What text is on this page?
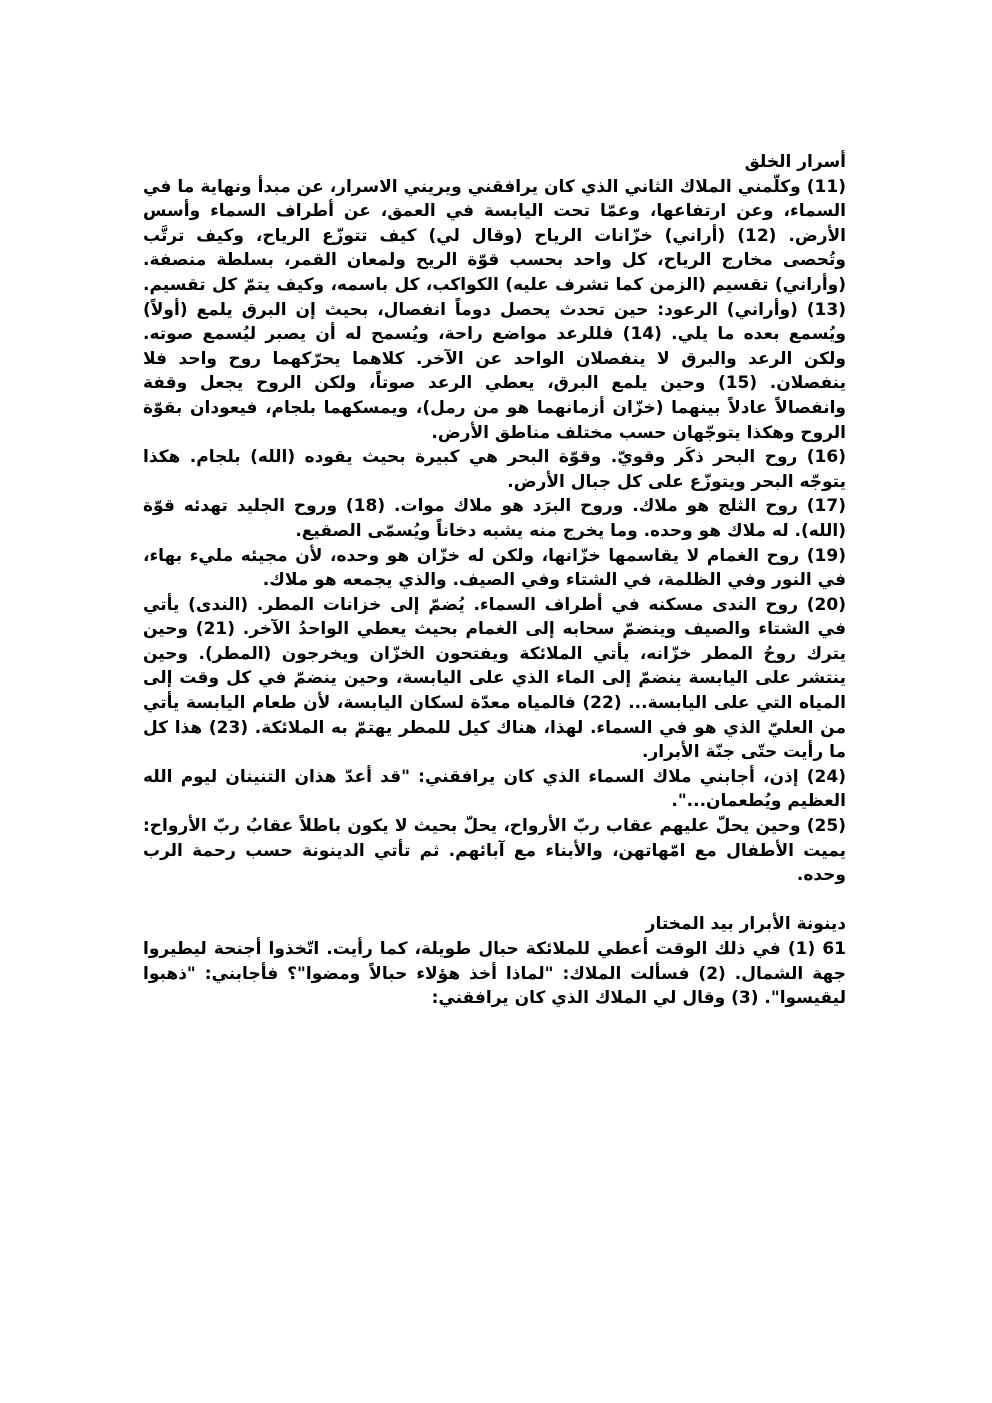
أسرار الخلق

(11) وكلّمني الملاك الثاني الذي كان يرافقني ويريني الاسرار، عن مبدأ ونهاية ما في السماء، وعن ارتفاعها، وعمّا تحت اليابسة في العمق، عن أطراف السماء وأسس الأرض. (12) (أراني) خزّانات الرياح (وقال لي) كيف تتوزّع الرياح، وكيف ترتَّب وتُحصى مخارج الرياح، كل واحد بحسب قوّة الريح ولمعان القمر، بسلطة منصفة. (وأراني) تقسيم (الزمن كما تشرف عليه) الكواكب، كل باسمه، وكيف يتمّ كل تقسيم. (13) (وأراني) الرعود: حين تحدث يحصل دوماً انفصال، بحيث إن البرق يلمع (أولاً) ويُسمع بعده ما يلي. (14) فللرعد مواضع راحة، ويُسمح له أن يصبر ليُسمع صوته. ولكن الرعد والبرق لا ينفصلان الواحد عن الآخر. كلاهما يحرّكهما روح واحد فلا ينفصلان. (15) وحين يلمع البرق، يعطي الرعد صوتاً، ولكن الروح يجعل وقفة وانفصالاً عادلاً بينهما (خزّان أزمانهما هو من رمل)، ويمسكهما بلجام، فيعودان بقوّة الروح وهكذا يتوجّهان حسب مختلف مناطق الأرض.

(16) روح البحر ذكَر وقويّ. وقوّة البحر هي كبيرة بحيث يقوده (الله) بلجام. هكذا يتوجّه البحر ويتوزّع على كل جبال الأرض.

(17) روح الثلج هو ملاك. وروح البرَد هو ملاك موات. (18) وروح الجليد تهدئه قوّة (الله). له ملاك هو وحده. وما يخرج منه يشبه دخاناً ويُسمّى الصقيع.

(19) روح الغمام لا يقاسمها خزّانها، ولكن له خزّان هو وحده، لأن مجيئه مليء بهاء، في النور وفي الظلمة، في الشتاء وفي الصيف. والذي يجمعه هو ملاك.

(20) روح الندى مسكنه في أطراف السماء. يُضمّ إلى خزانات المطر. (الندى) يأتي في الشتاء والصيف وينضمّ سحابه إلى الغمام بحيث يعطي الواحدُ الآخر. (21) وحين يترك روحُ المطر خزّانه، يأتي الملائكة ويفتحون الخزّان ويخرجون (المطر). وحين ينتشر على اليابسة ينضمّ إلى الماء الذي على اليابسة، وحين ينضمّ في كل وقت إلى المياه التي على اليابسة... (22) فالمياه معدّة لسكان اليابسة، لأن طعام اليابسة يأتي من العليّ الذي هو في السماء. لهذا، هناك كيل للمطر يهتمّ به الملائكة. (23) هذا كل ما رأيت حتّى جنّة الأبرار.

(24) إذن، أجابني ملاك السماء الذي كان يرافقني: "قد أعدّ هذان التنينان ليوم الله العظيم ويُطعمان...".

(25) وحين يحلّ عليهم عقاب ربّ الأرواح، يحلّ بحيث لا يكون باطلاً عقابُ ربّ الأرواح: يميت الأطفال مع امّهاتهن، والأبناء مع آبائهم. ثم تأتي الدينونة حسب رحمة الرب وحده.

دينونة الأبرار بيد المختار

61 (1) في ذلك الوقت أعطي للملائكة حبال طويلة، كما رأيت. اتّخذوا أجنحة ليطيروا جهة الشمال. (2) فسألت الملاك: "لماذا أخذ هؤلاء حبالاً ومضوا"؟ فأجابني: "ذهبوا ليقيسوا". (3) وقال لي الملاك الذي كان يرافقني:
